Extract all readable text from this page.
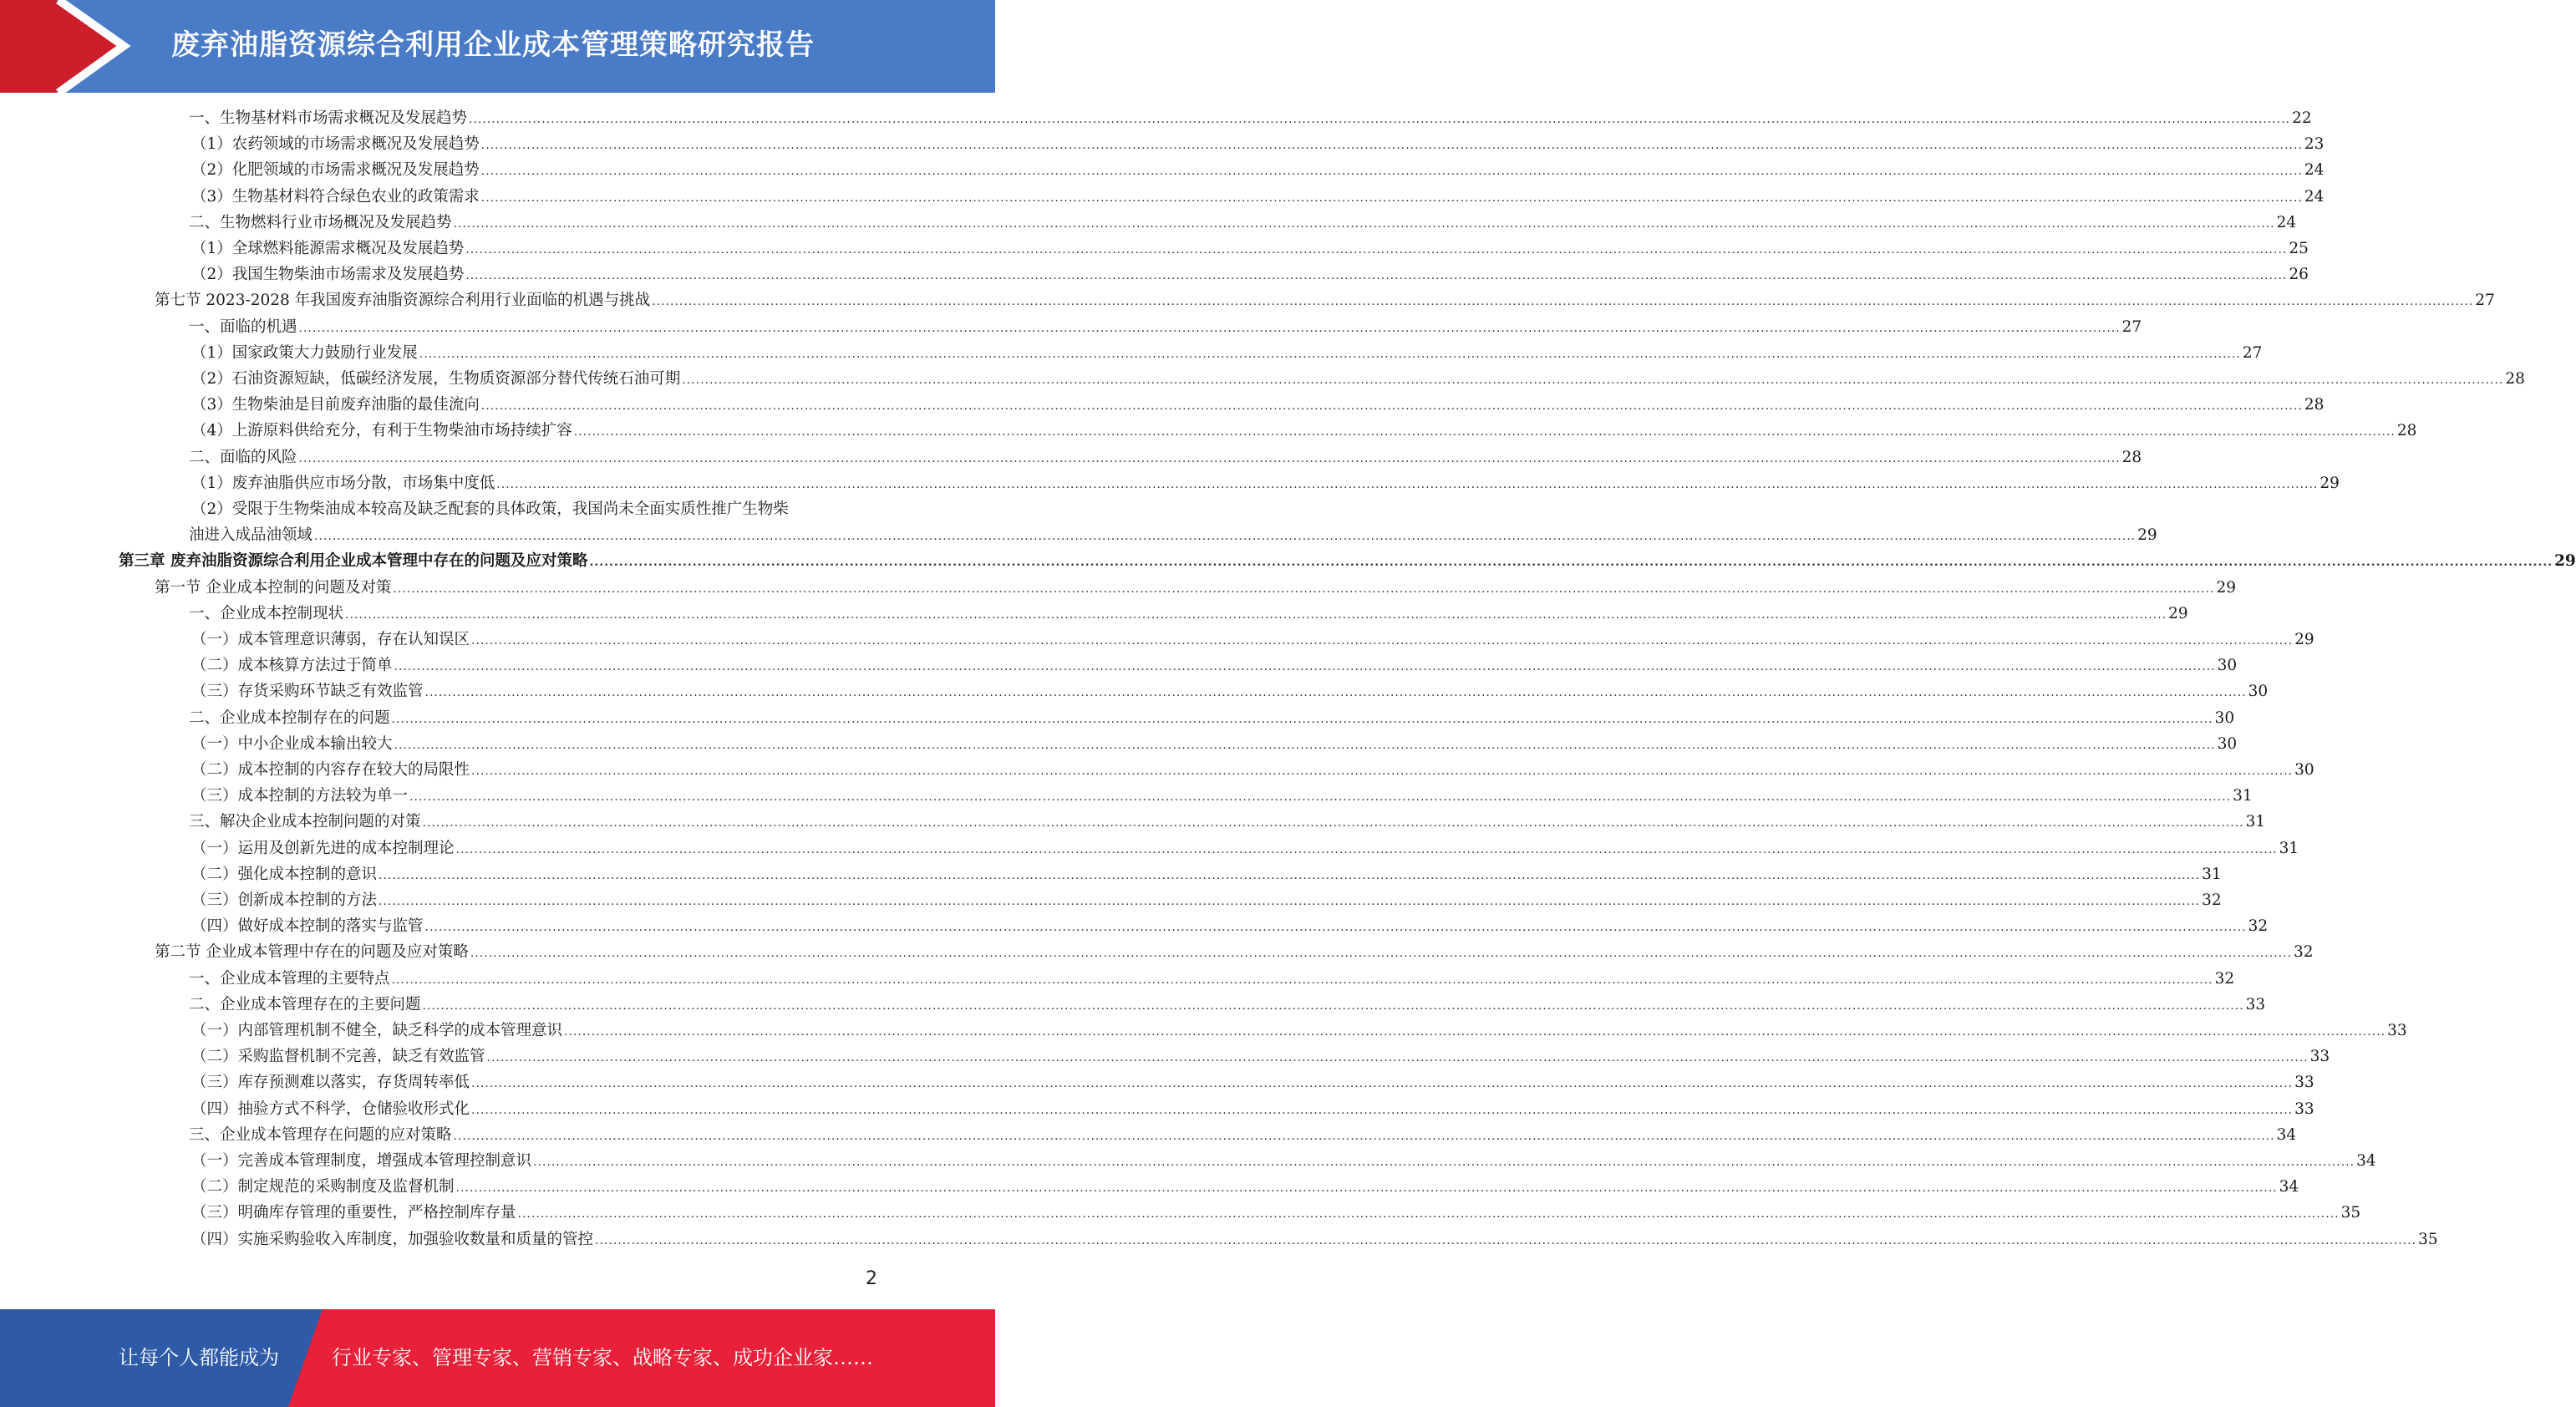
废弃油脂资源综合利用企业成本管理策略研究报告
一、生物基材料市场需求概况及发展趋势 ................................................................................................................................................................................................................................................................................................................................................................................................................ 22
（1）农药领域的市场需求概况及发展趋势 ................................................................................................................................................................................................................................................................................................................................................................................................................ 23
（2）化肥领域的市场需求概况及发展趋势 ................................................................................................................................................................................................................................................................................................................................................................................................................ 24
（3）生物基材料符合绿色农业的政策需求 ................................................................................................................................................................................................................................................................................................................................................................................................................ 24
二、生物燃料行业市场概况及发展趋势 ................................................................................................................................................................................................................................................................................................................................................................................................................ 24
（1）全球燃料能源需求概况及发展趋势 ................................................................................................................................................................................................................................................................................................................................................................................................................ 25
（2）我国生物柴油市场需求及发展趋势 ................................................................................................................................................................................................................................................................................................................................................................................................................ 26
第七节 2023-2028 年我国废弃油脂资源综合利用行业面临的机遇与挑战 ................................................................................................................................................................................................................................................................................................................................................................................................................ 27
一、面临的机遇 ................................................................................................................................................................................................................................................................................................................................................................................................................ 27
（1）国家政策大力鼓励行业发展 ................................................................................................................................................................................................................................................................................................................................................................................................................ 27
（2）石油资源短缺，低碳经济发展，生物质资源部分替代传统石油可期 ................................................................................................................................................................................................................................................................................................................................................................................................................ 28
（3）生物柴油是目前废弃油脂的最佳流向 ................................................................................................................................................................................................................................................................................................................................................................................................................ 28
（4）上游原料供给充分，有利于生物柴油市场持续扩容 ................................................................................................................................................................................................................................................................................................................................................................................................................ 28
二、面临的风险 ................................................................................................................................................................................................................................................................................................................................................................................................................ 28
（1）废弃油脂供应市场分散，市场集中度低 ................................................................................................................................................................................................................................................................................................................................................................................................................ 29
（2）受限于生物柴油成本较高及缺乏配套的具体政策，我国尚未全面实质性推广生物柴
油进入成品油领域 ................................................................................................................................................................................................................................................................................................................................................................................................................ 29
第三章 废弃油脂资源综合利用企业成本管理中存在的问题及应对策略 ................................................................................................................................................................................................................................................................................................................................................................................................................ 29
第一节 企业成本控制的问题及对策 ................................................................................................................................................................................................................................................................................................................................................................................................................ 29
一、企业成本控制现状 ................................................................................................................................................................................................................................................................................................................................................................................................................ 29
（一）成本管理意识薄弱，存在认知误区 ................................................................................................................................................................................................................................................................................................................................................................................................................ 29
（二）成本核算方法过于简单 ................................................................................................................................................................................................................................................................................................................................................................................................................ 30
（三）存货采购环节缺乏有效监管 ................................................................................................................................................................................................................................................................................................................................................................................................................ 30
二、企业成本控制存在的问题 ................................................................................................................................................................................................................................................................................................................................................................................................................ 30
（一）中小企业成本输出较大 ................................................................................................................................................................................................................................................................................................................................................................................................................ 30
（二）成本控制的内容存在较大的局限性 ................................................................................................................................................................................................................................................................................................................................................................................................................ 30
（三）成本控制的方法较为单一 ................................................................................................................................................................................................................................................................................................................................................................................................................ 31
三、解决企业成本控制问题的对策 ................................................................................................................................................................................................................................................................................................................................................................................................................ 31
（一）运用及创新先进的成本控制理论 ................................................................................................................................................................................................................................................................................................................................................................................................................ 31
（二）强化成本控制的意识 ................................................................................................................................................................................................................................................................................................................................................................................................................ 31
（三）创新成本控制的方法 ................................................................................................................................................................................................................................................................................................................................................................................................................ 32
（四）做好成本控制的落实与监管 ................................................................................................................................................................................................................................................................................................................................................................................................................ 32
第二节 企业成本管理中存在的问题及应对策略 ................................................................................................................................................................................................................................................................................................................................................................................................................ 32
一、企业成本管理的主要特点 ................................................................................................................................................................................................................................................................................................................................................................................................................ 32
二、企业成本管理存在的主要问题 ................................................................................................................................................................................................................................................................................................................................................................................................................ 33
（一）内部管理机制不健全，缺乏科学的成本管理意识 ................................................................................................................................................................................................................................................................................................................................................................................................................ 33
（二）采购监督机制不完善，缺乏有效监管 ................................................................................................................................................................................................................................................................................................................................................................................................................ 33
（三）库存预测难以落实，存货周转率低 ................................................................................................................................................................................................................................................................................................................................................................................................................ 33
（四）抽验方式不科学，仓储验收形式化 ................................................................................................................................................................................................................................................................................................................................................................................................................ 33
三、企业成本管理存在问题的应对策略 ................................................................................................................................................................................................................................................................................................................................................................................................................ 34
（一）完善成本管理制度，增强成本管理控制意识 ................................................................................................................................................................................................................................................................................................................................................................................................................ 34
（二）制定规范的采购制度及监督机制 ................................................................................................................................................................................................................................................................................................................................................................................................................ 34
（三）明确库存管理的重要性，严格控制库存量 ................................................................................................................................................................................................................................................................................................................................................................................................................ 35
（四）实施采购验收入库制度，加强验收数量和质量的管控 ................................................................................................................................................................................................................................................................................................................................................................................................................ 35
2
让每个人都能成为	行业专家、管理专家、营销专家、战略专家、成功企业家……
